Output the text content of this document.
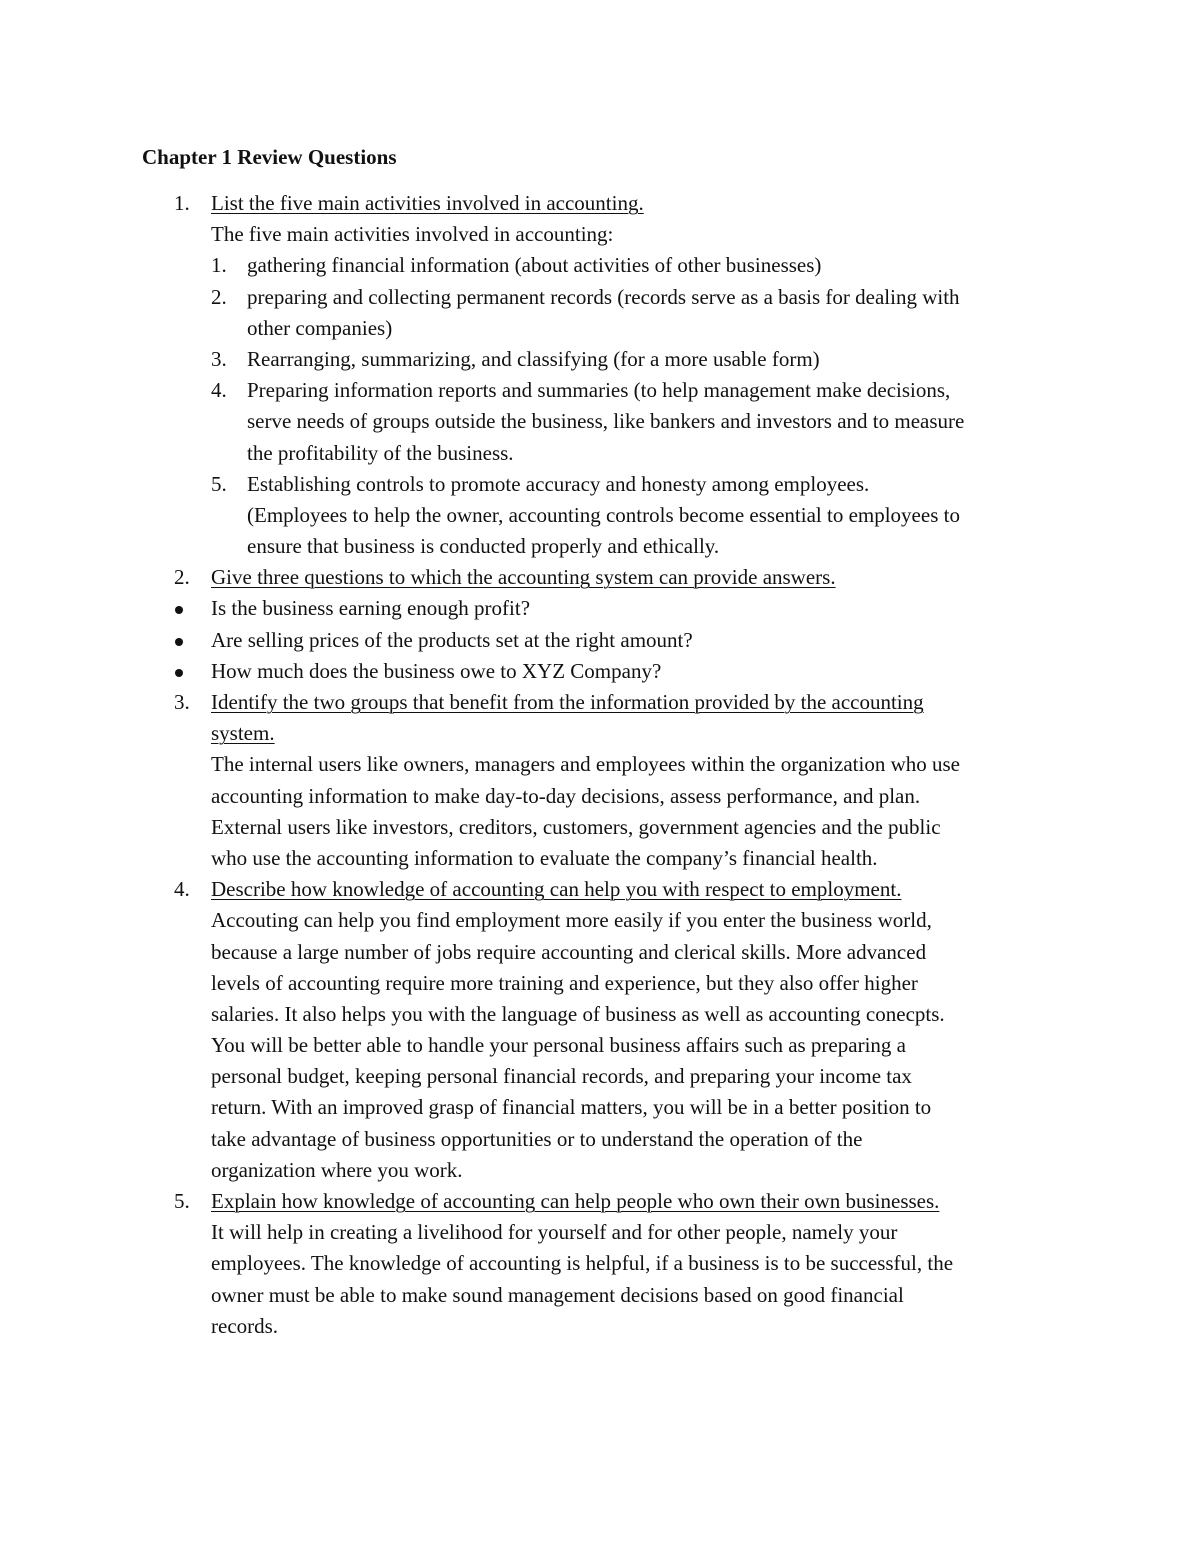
Chapter 1 Review Questions
1. List the five main activities involved in accounting.
The five main activities involved in accounting:
1. gathering financial information (about activities of other businesses)
2. preparing and collecting permanent records (records serve as a basis for dealing with
other companies)
3. Rearranging, summarizing, and classifying (for a more usable form)
4. Preparing information reports and summaries (to help management make decisions,
serve needs of groups outside the business, like bankers and investors and to measure
the profitability of the business.
5. Establishing controls to promote accuracy and honesty among employees.
(Employees to help the owner, accounting controls become essential to employees to
ensure that business is conducted properly and ethically.
2. Give three questions to which the accounting system can provide answers.
Is the business earning enough profit?
Are selling prices of the products set at the right amount?
How much does the business owe to XYZ Company?
3. Identify the two groups that benefit from the information provided by the accounting
system.
The internal users like owners, managers and employees within the organization who use
accounting information to make day-to-day decisions, assess performance, and plan.
External users like investors, creditors, customers, government agencies and the public
who use the accounting information to evaluate the company’s financial health.
4. Describe how knowledge of accounting can help you with respect to employment.
Accouting can help you find employment more easily if you enter the business world,
because a large number of jobs require accounting and clerical skills. More advanced
levels of accounting require more training and experience, but they also offer higher
salaries. It also helps you with the language of business as well as accounting conecpts.
You will be better able to handle your personal business affairs such as preparing a
personal budget, keeping personal financial records, and preparing your income tax
return. With an improved grasp of financial matters, you will be in a better position to
take advantage of business opportunities or to understand the operation of the
organization where you work.
5. Explain how knowledge of accounting can help people who own their own businesses.
It will help in creating a livelihood for yourself and for other people, namely your
employees. The knowledge of accounting is helpful, if a business is to be successful, the
owner must be able to make sound management decisions based on good financial
records.
